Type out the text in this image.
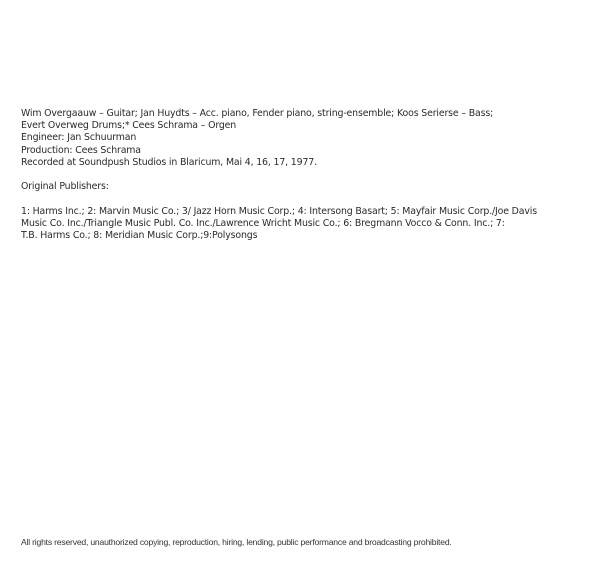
Wim Overgaauw – Guitar; Jan Huydts – Acc. piano, Fender piano, string-ensemble; Koos Serierse – Bass;
Evert Overweg Drums;* Cees Schrama – Orgen
Engineer: Jan Schuurman
Production: Cees Schrama
Recorded at Soundpush Studios in Blaricum, Mai 4, 16, 17, 1977.
Original Publishers:
1: Harms Inc.; 2: Marvin Music Co.; 3/ Jazz Horn Music Corp.; 4: Intersong Basart; 5: Mayfair Music Corp./Joe Davis
Music Co. Inc./Triangle Music Publ. Co. Inc./Lawrence Wricht Music Co.; 6: Bregmann Vocco & Conn. Inc.; 7:
T.B. Harms Co.; 8: Meridian Music Corp.;9:Polysongs
All rights reserved, unauthorized copying, reproduction, hiring, lending, public performance and broadcasting prohibited.
